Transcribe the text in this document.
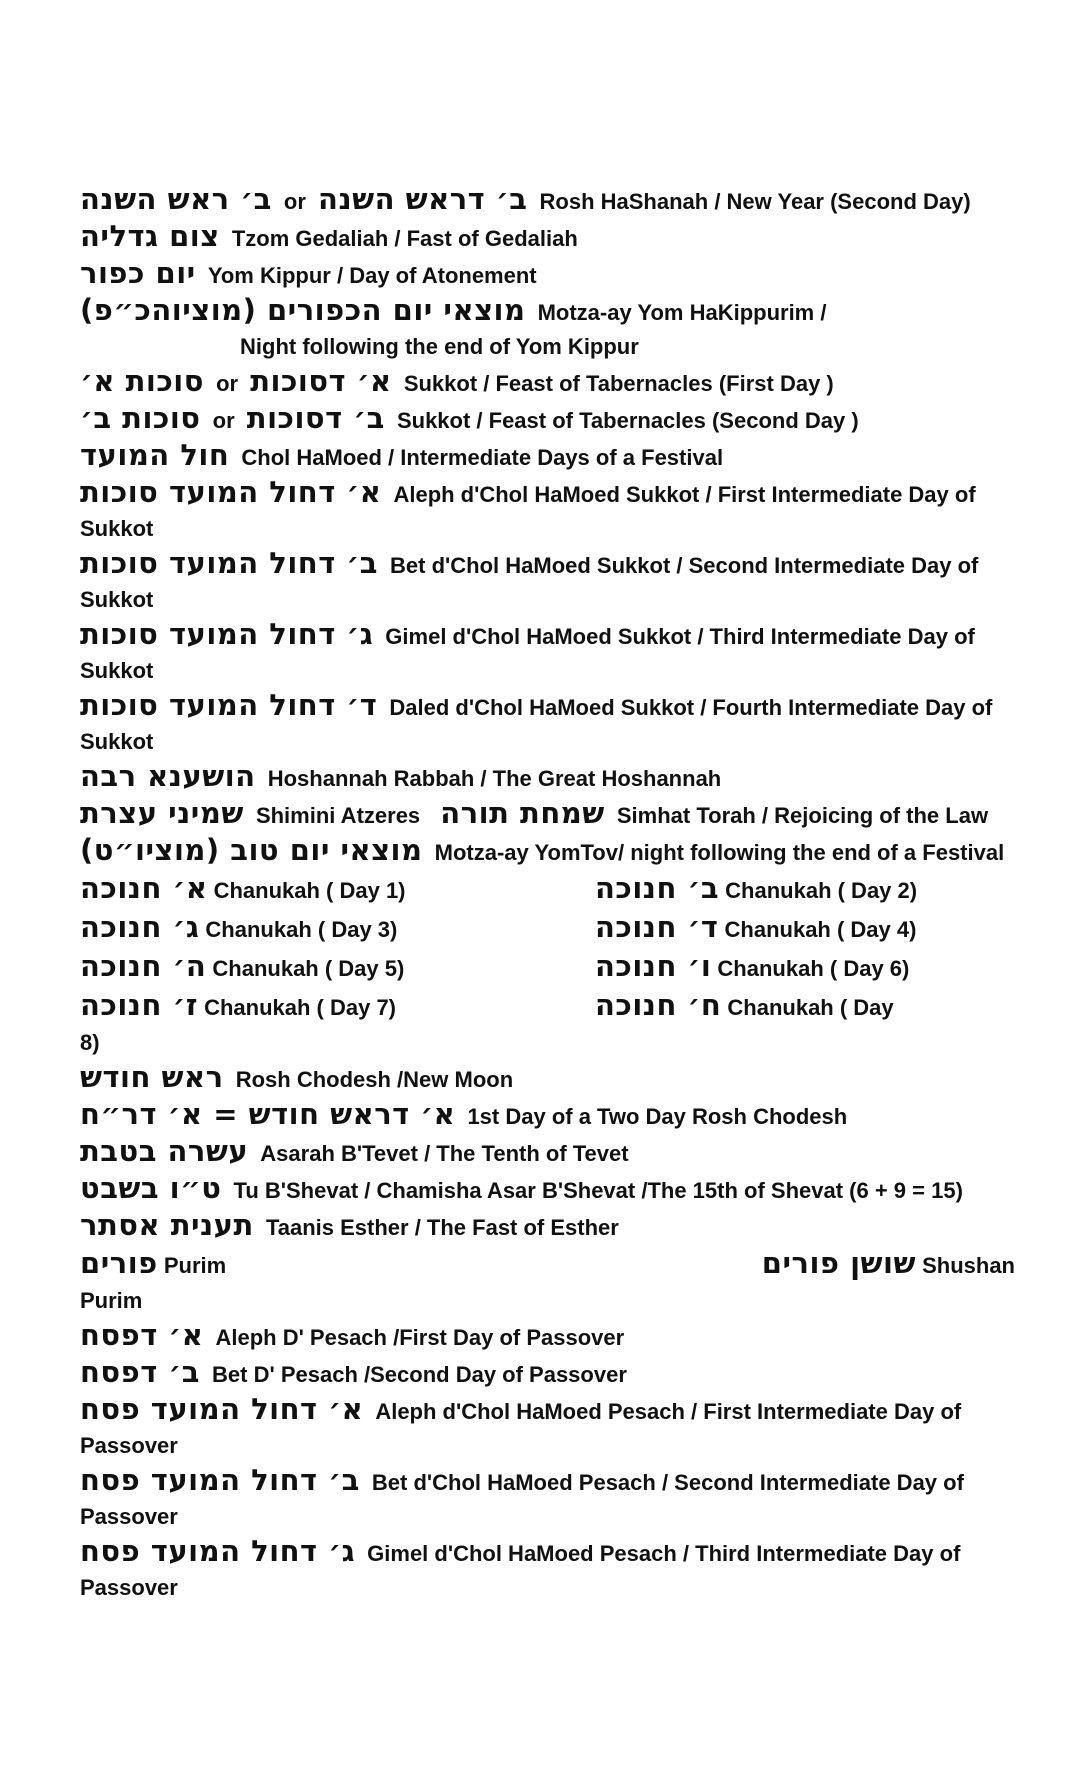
ב׳ ראש השנה or ב׳ דראש השנה Rosh HaShanah / New Year (Second Day)
צום גדליה Tzom Gedaliah / Fast of Gedaliah
יום כפור Yom Kippur / Day of Atonement
מוצאי יום הכפורים (מוציוהכ״פ) Motza-ay Yom HaKippurim /
Night following the end of Yom Kippur
סוכות א׳ or א׳ דסוכות Sukkot / Feast of Tabernacles (First Day )
סוכות ב׳ or ב׳ דסוכות Sukkot / Feast of Tabernacles (Second Day )
חול המועד Chol HaMoed / Intermediate Days of a Festival
א׳ דחול המועד סוכות Aleph d'Chol HaMoed Sukkot / First Intermediate Day of Sukkot
ב׳ דחול המועד סוכות Bet d'Chol HaMoed Sukkot / Second Intermediate Day of Sukkot
ג׳ דחול המועד סוכות Gimel d'Chol HaMoed Sukkot / Third Intermediate Day of Sukkot
ד׳ דחול המועד סוכות Daled d'Chol HaMoed Sukkot / Fourth Intermediate Day of Sukkot
הושענא רבה Hoshannah Rabbah / The Great Hoshannah
שמיני עצרת Shimini Atzeres שמחת תורה Simhat Torah / Rejoicing of the Law
מוצאי יום טוב (מוציו״ט) Motza-ay YomTov/ night following the end of a Festival
א׳ חנוכה Chanukah ( Day 1)	ב׳ חנוכה Chanukah ( Day 2)
ג׳ חנוכה Chanukah ( Day 3)	ד׳ חנוכה Chanukah ( Day 4)
ה׳ חנוכה Chanukah ( Day 5)	ו׳ חנוכה Chanukah ( Day 6)
ז׳ חנוכה Chanukah ( Day 7)	ח׳ חנוכה Chanukah ( Day
8)
ראש חודש Rosh Chodesh /New Moon
א׳ דראש חודש = א׳ דר״ח 1st Day of a Two Day Rosh Chodesh
עשרה בטבת Asarah B'Tevet / The Tenth of Tevet
ט״ו בשבט Tu B'Shevat / Chamisha Asar B'Shevat /The 15th of Shevat (6 + 9 = 15)
תענית אסתר Taanis Esther / The Fast of Esther
פורים Purim	שושן פורים Shushan
Purim
א׳ דפסח Aleph D' Pesach /First Day of Passover
ב׳ דפסח Bet D' Pesach /Second Day of Passover
א׳ דחול המועד פסח Aleph d'Chol HaMoed Pesach / First Intermediate Day of Passover
ב׳ דחול המועד פסח Bet d'Chol HaMoed Pesach / Second Intermediate Day of Passover
ג׳ דחול המועד פסח Gimel d'Chol HaMoed Pesach / Third Intermediate Day of Passover
